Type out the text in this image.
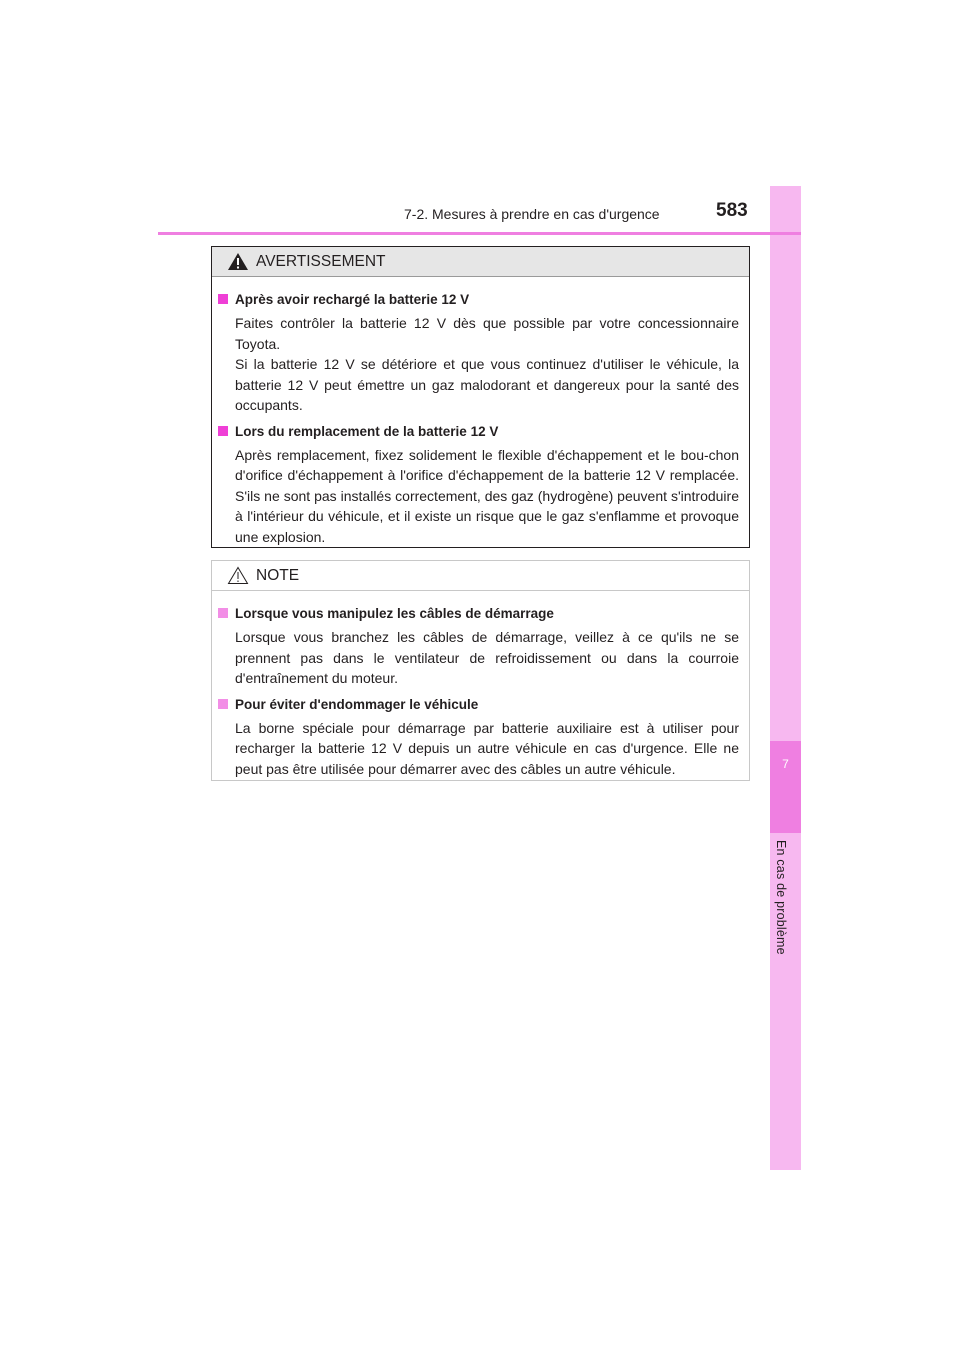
7
En cas de problème
7-2. Mesures à prendre en cas d'urgence	583
AVERTISSEMENT
Après avoir rechargé la batterie 12 V
Faites contrôler la batterie 12 V dès que possible par votre concessionnaire Toyota.
Si la batterie 12 V se détériore et que vous continuez d'utiliser le véhicule, la batterie 12 V peut émettre un gaz malodorant et dangereux pour la santé des occupants.
Lors du remplacement de la batterie 12 V
Après remplacement, fixez solidement le flexible d'échappement et le bou-chon d'orifice d'échappement à l'orifice d'échappement de la batterie 12 V remplacée. S'ils ne sont pas installés correctement, des gaz (hydrogène) peuvent s'introduire à l'intérieur du véhicule, et il existe un risque que le gaz s'enflamme et provoque une explosion.
NOTE
Lorsque vous manipulez les câbles de démarrage
Lorsque vous branchez les câbles de démarrage, veillez à ce qu'ils ne se prennent pas dans le ventilateur de refroidissement ou dans la courroie d'entraînement du moteur.
Pour éviter d'endommager le véhicule
La borne spéciale pour démarrage par batterie auxiliaire est à utiliser pour recharger la batterie 12 V depuis un autre véhicule en cas d'urgence. Elle ne peut pas être utilisée pour démarrer avec des câbles un autre véhicule.
